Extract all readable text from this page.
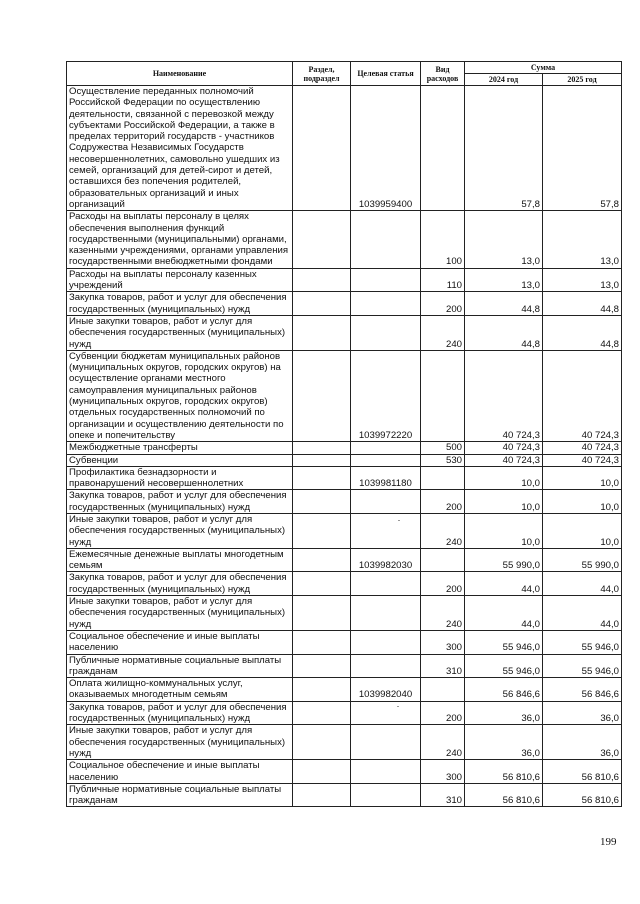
Наименование	Раздел, подраздел	Целевая статья	Вид расходов	Сумма	
				2024 год	2025 год
Осуществление переданных полномочий Российской Федерации по осуществлению деятельности, связанной с перевозкой между субъектами Российской Федерации, а также в пределах территорий государств - участников Содружества Независимых Государств несовершеннолетних, самовольно ушедших из семей, организаций для детей-сирот и детей, оставшихся без попечения родителей, образовательных организаций и иных организаций		1039959400		57,8	57,8
Расходы на выплаты персоналу в целях обеспечения выполнения функций государственными (муниципальными) органами, казенными учреждениями, органами управления государственными внебюджетными фондами			100	13,0	13,0
Расходы на выплаты персоналу казенных учреждений			110	13,0	13,0
Закупка товаров, работ и услуг для обеспечения государственных (муниципальных) нужд			200	44,8	44,8
Иные закупки товаров, работ и услуг для обеспечения государственных (муниципальных) нужд			240	44,8	44,8
Субвенции бюджетам муниципальных районов (муниципальных округов, городских округов) на осуществление органами местного самоуправления муниципальных районов (муниципальных округов, городских округов) отдельных государственных полномочий по организации и осуществлению деятельности по опеке и попечительству		1039972220		40 724,3	40 724,3
Межбюджетные трансферты			500	40 724,3	40 724,3
Субвенции			530	40 724,3	40 724,3
Профилактика безнадзорности и правонарушений несовершеннолетних		1039981180		10,0	10,0
Закупка товаров, работ и услуг для обеспечения государственных (муниципальных) нужд			200	10,0	10,0
Иные закупки товаров, работ и услуг для обеспечения государственных (муниципальных) нужд			240	10,0	10,0
Ежемесячные денежные выплаты многодетным семьям		1039982030		55 990,0	55 990,0
Закупка товаров, работ и услуг для обеспечения государственных (муниципальных) нужд			200	44,0	44,0
Иные закупки товаров, работ и услуг для обеспечения государственных (муниципальных) нужд			240	44,0	44,0
Социальное обеспечение и иные выплаты населению			300	55 946,0	55 946,0
Публичные нормативные социальные выплаты гражданам			310	55 946,0	55 946,0
Оплата жилищно-коммунальных услуг, оказываемых многодетным семьям		1039982040		56 846,6	56 846,6
Закупка товаров, работ и услуг для обеспечения государственных (муниципальных) нужд			200	36,0	36,0
Иные закупки товаров, работ и услуг для обеспечения государственных (муниципальных) нужд			240	36,0	36,0
Социальное обеспечение и иные выплаты населению			300	56 810,6	56 810,6
Публичные нормативные социальные выплаты гражданам			310	56 810,6	56 810,6
199
